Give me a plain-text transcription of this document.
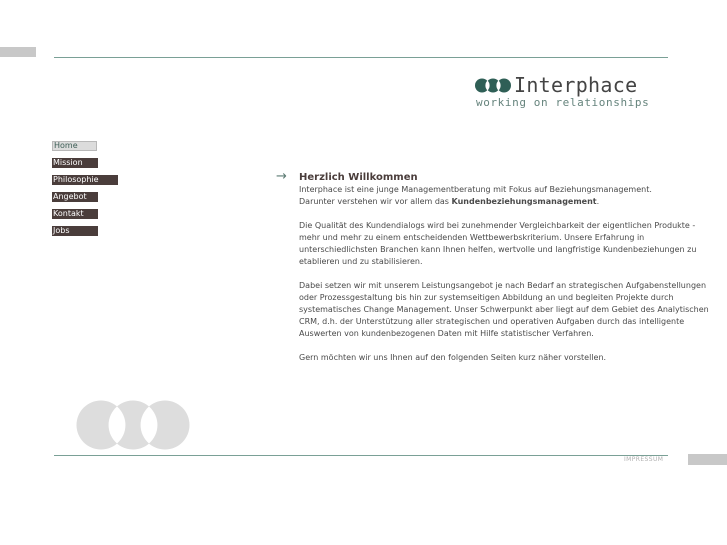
Interphace
working on relationships
Home
Mission
Philosophie
Angebot
Kontakt
Jobs
→ Herzlich Willkommen

Interphace ist eine junge Managementberatung mit Fokus auf Beziehungsmanagement.
Darunter verstehen wir vor allem das Kundenbeziehungsmanagement.

Die Qualität des Kundendialogs wird bei zunehmender Vergleichbarkeit der eigentlichen Produkte - mehr und mehr zu einem entscheidenden Wettbewerbskriterium. Unsere Erfahrung in unterschiedlichsten Branchen kann Ihnen helfen, wertvolle und langfristige Kundenbeziehungen zu etablieren und zu stabilisieren.

Dabei setzen wir mit unserem Leistungsangebot je nach Bedarf an strategischen Aufgabenstellungen oder Prozessgestaltung bis hin zur systemseitigen Abbildung an und begleiten Projekte durch systematisches Change Management. Unser Schwerpunkt aber liegt auf dem Gebiet des Analytischen CRM, d.h. der Unterstützung aller strategischen und operativen Aufgaben durch das intelligente Auswerten von kundenbezogenen Daten mit Hilfe statistischer Verfahren.

Gern möchten wir uns Ihnen auf den folgenden Seiten kurz näher vorstellen.

IMPRESSUM
